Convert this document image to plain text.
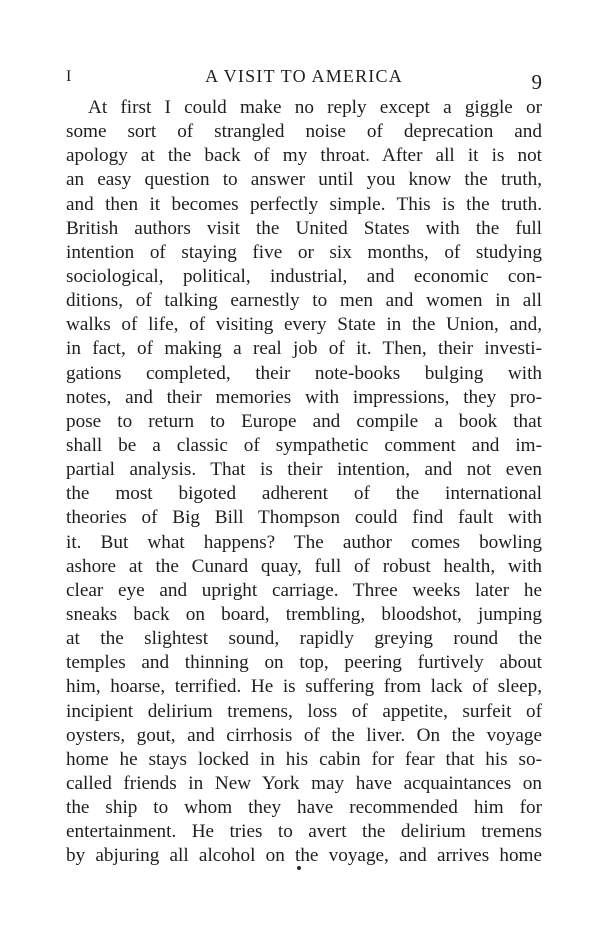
I	A VISIT TO AMERICA	9
At first I could make no reply except a giggle or
some sort of strangled noise of deprecation and
apology at the back of my throat. After all it is not
an easy question to answer until you know the truth,
and then it becomes perfectly simple. This is the truth.
British authors visit the United States with the full
intention of staying five or six months, of studying
sociological, political, industrial, and economic con-
ditions, of talking earnestly to men and women in all
walks of life, of visiting every State in the Union, and,
in fact, of making a real job of it. Then, their investi-
gations completed, their note-books bulging with
notes, and their memories with impressions, they pro-
pose to return to Europe and compile a book that
shall be a classic of sympathetic comment and im-
partial analysis. That is their intention, and not even
the most bigoted adherent of the international
theories of Big Bill Thompson could find fault with
it. But what happens? The author comes bowling
ashore at the Cunard quay, full of robust health, with
clear eye and upright carriage. Three weeks later he
sneaks back on board, trembling, bloodshot, jumping
at the slightest sound, rapidly greying round the
temples and thinning on top, peering furtively about
him, hoarse, terrified. He is suffering from lack of sleep,
incipient delirium tremens, loss of appetite, surfeit of
oysters, gout, and cirrhosis of the liver. On the voyage
home he stays locked in his cabin for fear that his so-
called friends in New York may have acquaintances on
the ship to whom they have recommended him for
entertainment. He tries to avert the delirium tremens
by abjuring all alcohol on the voyage, and arrives home
